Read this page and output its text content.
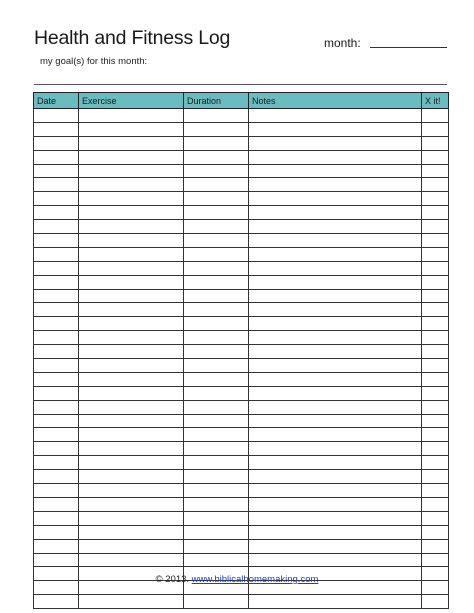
Health and Fitness Log	month:
my goal(s) for this month:
Date	Exercise	Duration	Notes	X it!

© 2013. www.biblicalhomemaking.com
